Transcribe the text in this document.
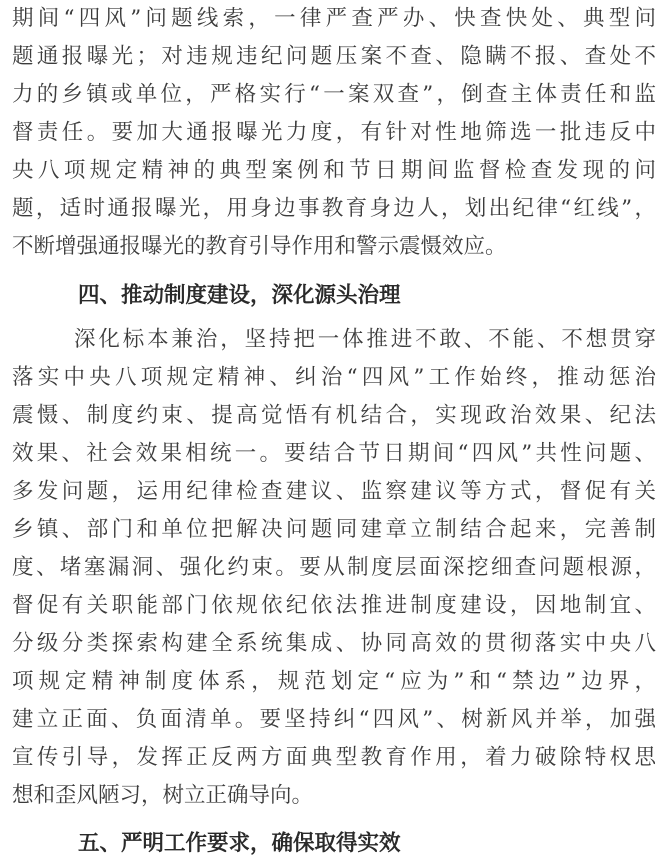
期间“四风”问题线索，一律严查严办、快查快处、典型问
题通报曝光；对违规违纪问题压案不查、隐瞒不报、查处不
力的乡镇或单位，严格实行“一案双查”，倒查主体责任和监
督责任。要加大通报曝光力度，有针对性地筛选一批违反中
央八项规定精神的典型案例和节日期间监督检查发现的问
题，适时通报曝光，用身边事教育身边人，划出纪律“红线”，
不断增强通报曝光的教育引导作用和警示震慑效应。
四、推动制度建设，深化源头治理
深化标本兼治，坚持把一体推进不敢、不能、不想贯穿
落实中央八项规定精神、纠治“四风”工作始终，推动惩治
震慑、制度约束、提高觉悟有机结合，实现政治效果、纪法
效果、社会效果相统一。要结合节日期间“四风”共性问题、
多发问题，运用纪律检查建议、监察建议等方式，督促有关
乡镇、部门和单位把解决问题同建章立制结合起来，完善制
度、堵塞漏洞、强化约束。要从制度层面深挖细查问题根源，
督促有关职能部门依规依纪依法推进制度建设，因地制宜、
分级分类探索构建全系统集成、协同高效的贯彻落实中央八
项规定精神制度体系，规范划定“应为”和“禁边”边界，
建立正面、负面清单。要坚持纠“四风”、树新风并举，加强
宣传引导，发挥正反两方面典型教育作用，着力破除特权思
想和歪风陋习，树立正确导向。
五、严明工作要求，确保取得实效
